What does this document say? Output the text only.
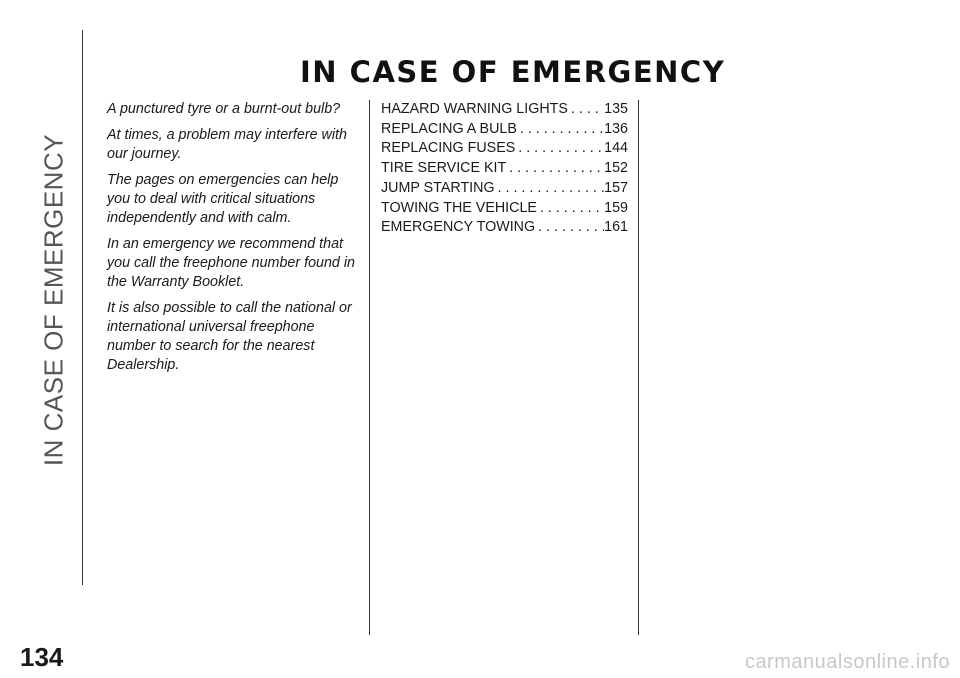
IN CASE OF EMERGENCY
134
IN CASE OF EMERGENCY

A punctured tyre or a burnt-out bulb?

At times, a problem may interfere with our journey.

The pages on emergencies can help you to deal with critical situations independently and with calm.

In an emergency we recommend that you call the freephone number found in the Warranty Booklet.

It is also possible to call the national or international universal freephone number to search for the nearest Dealership.

HAZARD WARNING LIGHTS . . .	135
REPLACING A BULB . . .	136
REPLACING FUSES . . .	144
TIRE SERVICE KIT . . .	152
JUMP STARTING . . .	157
TOWING THE VEHICLE . . .	159
EMERGENCY TOWING . . .	161
carmanualsonline.info
